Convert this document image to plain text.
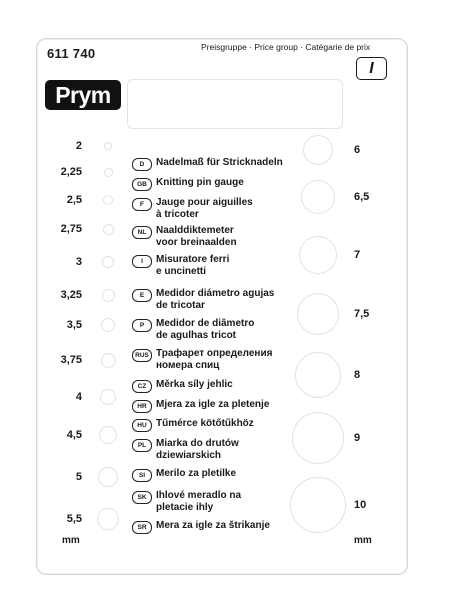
611 740	Preisgruppe · Price group · Catégarie de prix
I
Prym
2
2,25
2,5
2,75
3
3,25
3,5
3,75
4
4,5
5
5,5
6
6,5
7
7,5
8
9
10
D	Nadelmaß für Stricknadeln
GB Knitting pin gauge
F	Jauge pour aiguilles
à tricoter
NL Naalddiktemeter
voor breinaalden
I	Misuratore ferri
e uncinetti
E	Medidor diámetro agujas
de tricotar
P	Medidor de diâmetro
de agulhas tricot
RUS Трафарет определения
номера спиц
CZ Měrka síly jehlic
HR Mjera za igle za pletenje
HU Tűmérce kötőtűkhöz
PL Miarka do drutów
dziewiarskich
SI	Merilo za pletilke
SK Ihlové meradlo na
pletacie ihly
SR Mera za igle za štrikanje
mm	mm
